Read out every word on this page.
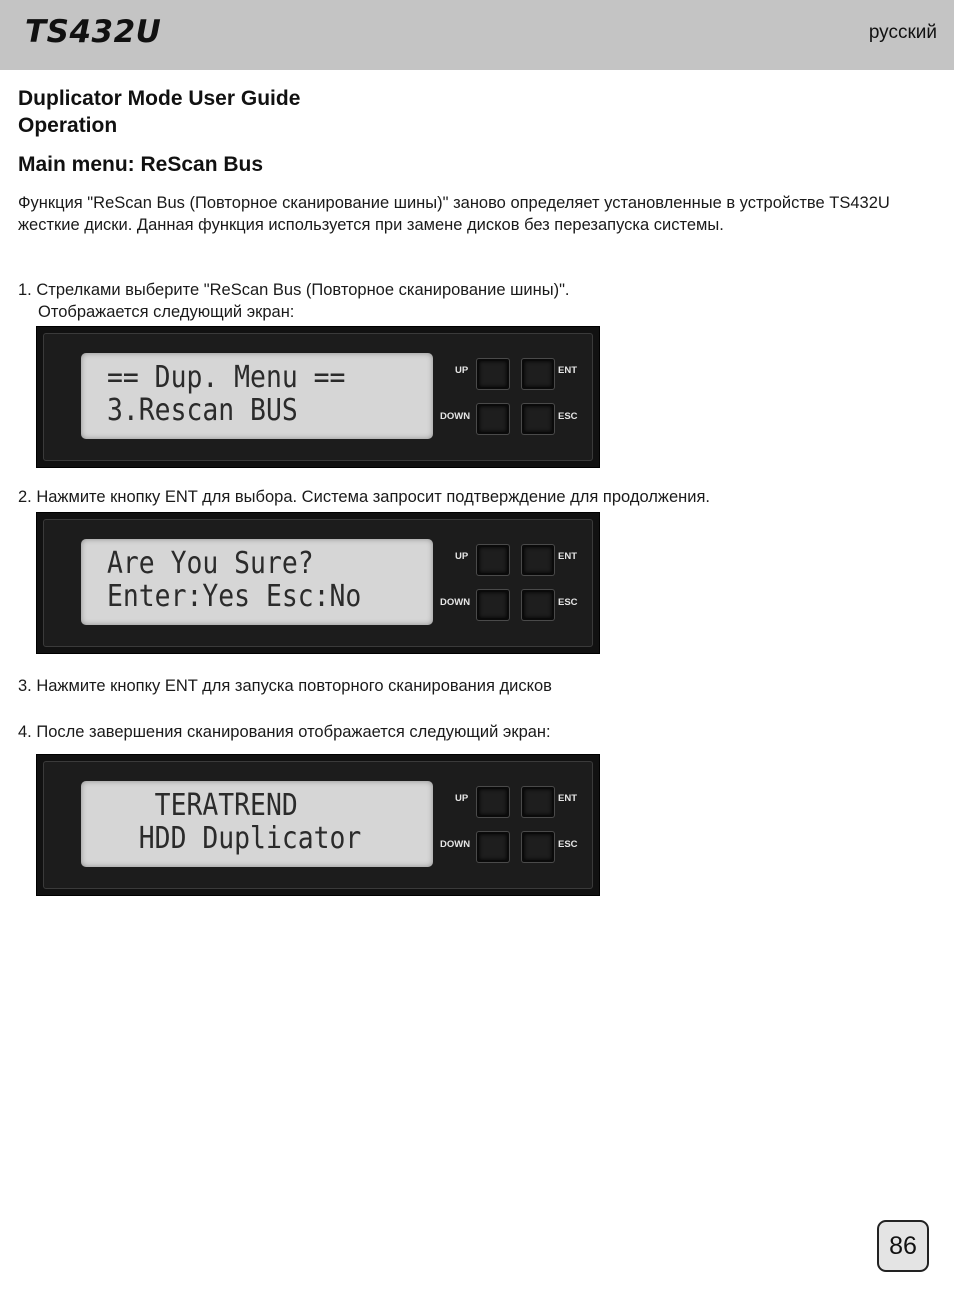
TS432U	русский
Duplicator Mode User Guide
Operation
Main menu: ReScan Bus
Функция "ReScan Bus (Повторное сканирование шины)" заново определяет установленные в устройстве TS432U жесткие диски. Данная функция используется при замене дисков без перезапуска системы.
1. Стрелками выберите "ReScan Bus (Повторное сканирование шины)".
Отображается следующий экран:
== Dup. Menu ==
3.Rescan BUS
UP	ENT
DOWN	ESC
2. Нажмите кнопку ENT для выбора. Система запросит подтверждение для продолжения.
Are You Sure?
Enter:Yes Esc:No
UP	ENT
DOWN	ESC
3. Нажмите кнопку ENT для запуска повторного сканирования дисков
4. После завершения сканирования отображается следующий экран:
TERATREND
HDD Duplicator
UP	ENT
DOWN	ESC
86
